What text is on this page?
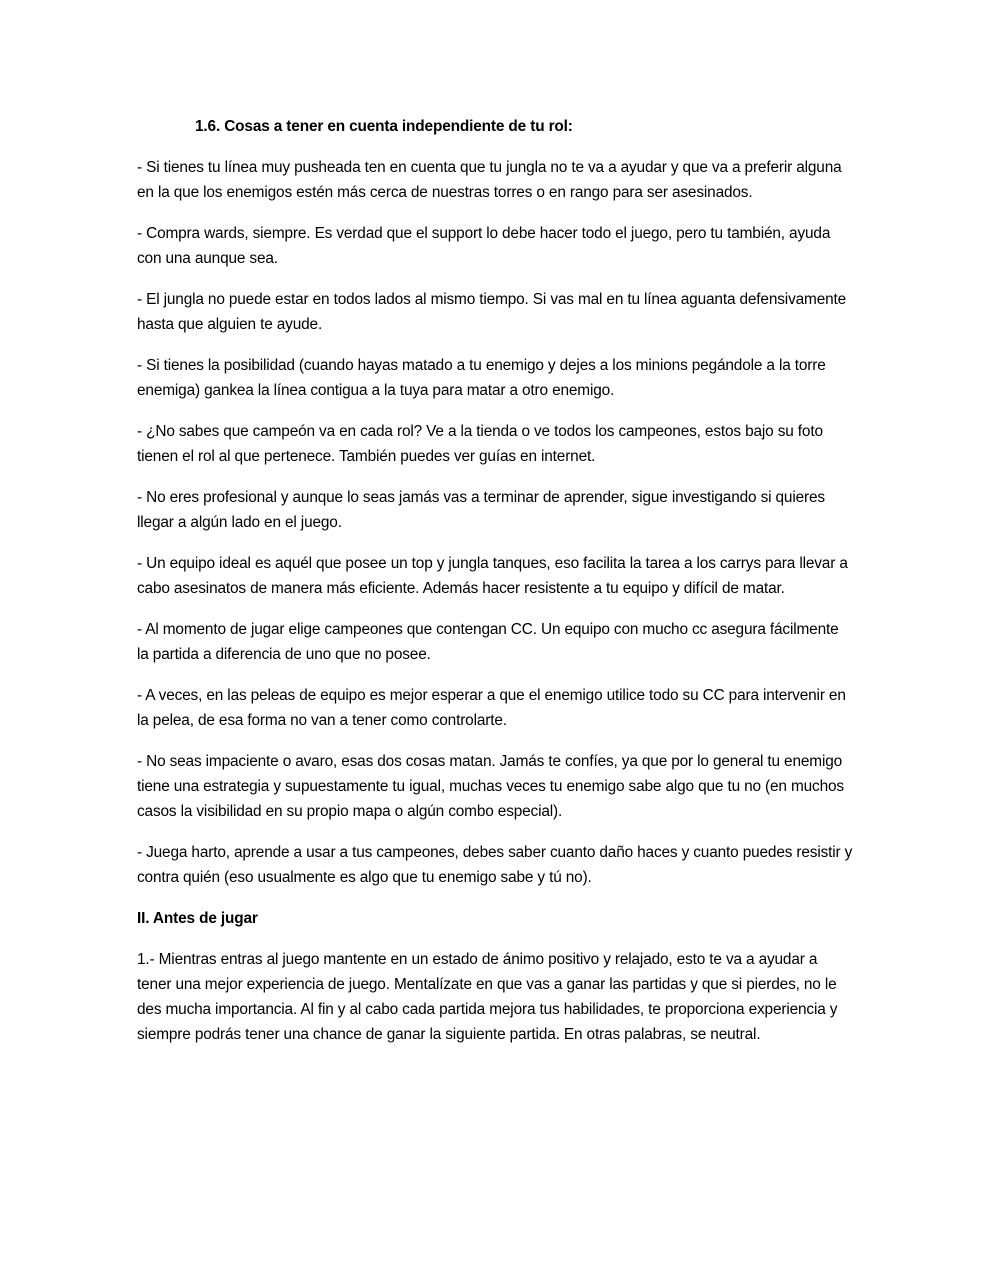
1.6. Cosas a tener en cuenta independiente de tu rol:

- Si tienes tu línea muy pusheada ten en cuenta que tu jungla no te va a ayudar y que va a preferir alguna en la que los enemigos estén más cerca de nuestras torres o en rango para ser asesinados.

- Compra wards, siempre. Es verdad que el support lo debe hacer todo el juego, pero tu también, ayuda con una aunque sea.

- El jungla no puede estar en todos lados al mismo tiempo. Si vas mal en tu línea aguanta defensivamente hasta que alguien te ayude.

- Si tienes la posibilidad (cuando hayas matado a tu enemigo y dejes a los minions pegándole a la torre enemiga) gankea la línea contigua a la tuya para matar a otro enemigo.

- ¿No sabes que campeón va en cada rol? Ve a la tienda o ve todos los campeones, estos bajo su foto tienen el rol al que pertenece. También puedes ver guías en internet.

- No eres profesional y aunque lo seas jamás vas a terminar de aprender, sigue investigando si quieres llegar a algún lado en el juego.

- Un equipo ideal es aquél que posee un top y jungla tanques, eso facilita la tarea a los carrys para llevar a cabo asesinatos de manera más eficiente. Además hacer resistente a tu equipo y difícil de matar.

- Al momento de jugar elige campeones que contengan CC. Un equipo con mucho cc asegura fácilmente la partida a diferencia de uno que no posee.

- A veces, en las peleas de equipo es mejor esperar a que el enemigo utilice todo su CC para intervenir en la pelea, de esa forma no van a tener como controlarte.

- No seas impaciente o avaro, esas dos cosas matan. Jamás te confíes, ya que por lo general tu enemigo tiene una estrategia y supuestamente tu igual, muchas veces tu enemigo sabe algo que tu no (en muchos casos la visibilidad en su propio mapa o algún combo especial).

- Juega harto, aprende a usar a tus campeones, debes saber cuanto daño haces y cuanto puedes resistir y contra quién (eso usualmente es algo que tu enemigo sabe y tú no).

II. Antes de jugar

1.- Mientras entras al juego mantente en un estado de ánimo positivo y relajado, esto te va a ayudar a tener una mejor experiencia de juego. Mentalízate en que vas a ganar las partidas y que si pierdes, no le des mucha importancia. Al fin y al cabo cada partida mejora tus habilidades, te proporciona experiencia y siempre podrás tener una chance de ganar la siguiente partida. En otras palabras, se neutral.
